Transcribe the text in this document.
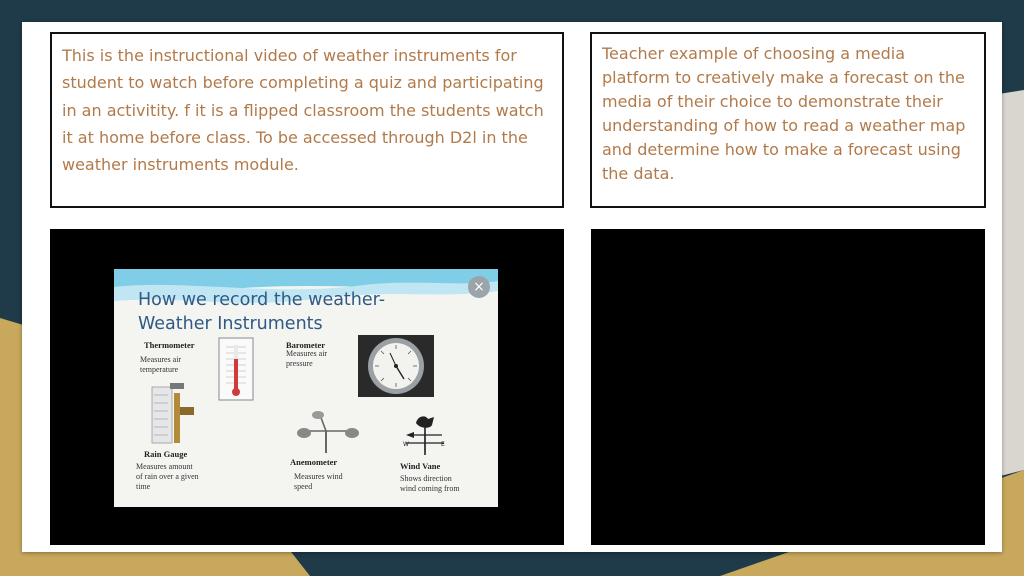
This is the instructional video of weather instruments for student to watch before completing a quiz and participating in an activitity. f it is a flipped classroom the students watch it at home before class. To be accessed through D2l in the weather instruments module.

Teacher example of choosing a media platform to creatively make a forecast on the media of their choice to demonstrate their understanding of how to read a weather map and determine how to make a forecast using the data.

×
How we record the weather-
Weather Instruments
Thermometer
Measures air
temperature
Barometer
Measures air
pressure
Rain Gauge
Measures amount
of rain over a given
time
Anemometer
Measures wind
speed
W	E
Wind Vane
Shows direction
wind coming from
